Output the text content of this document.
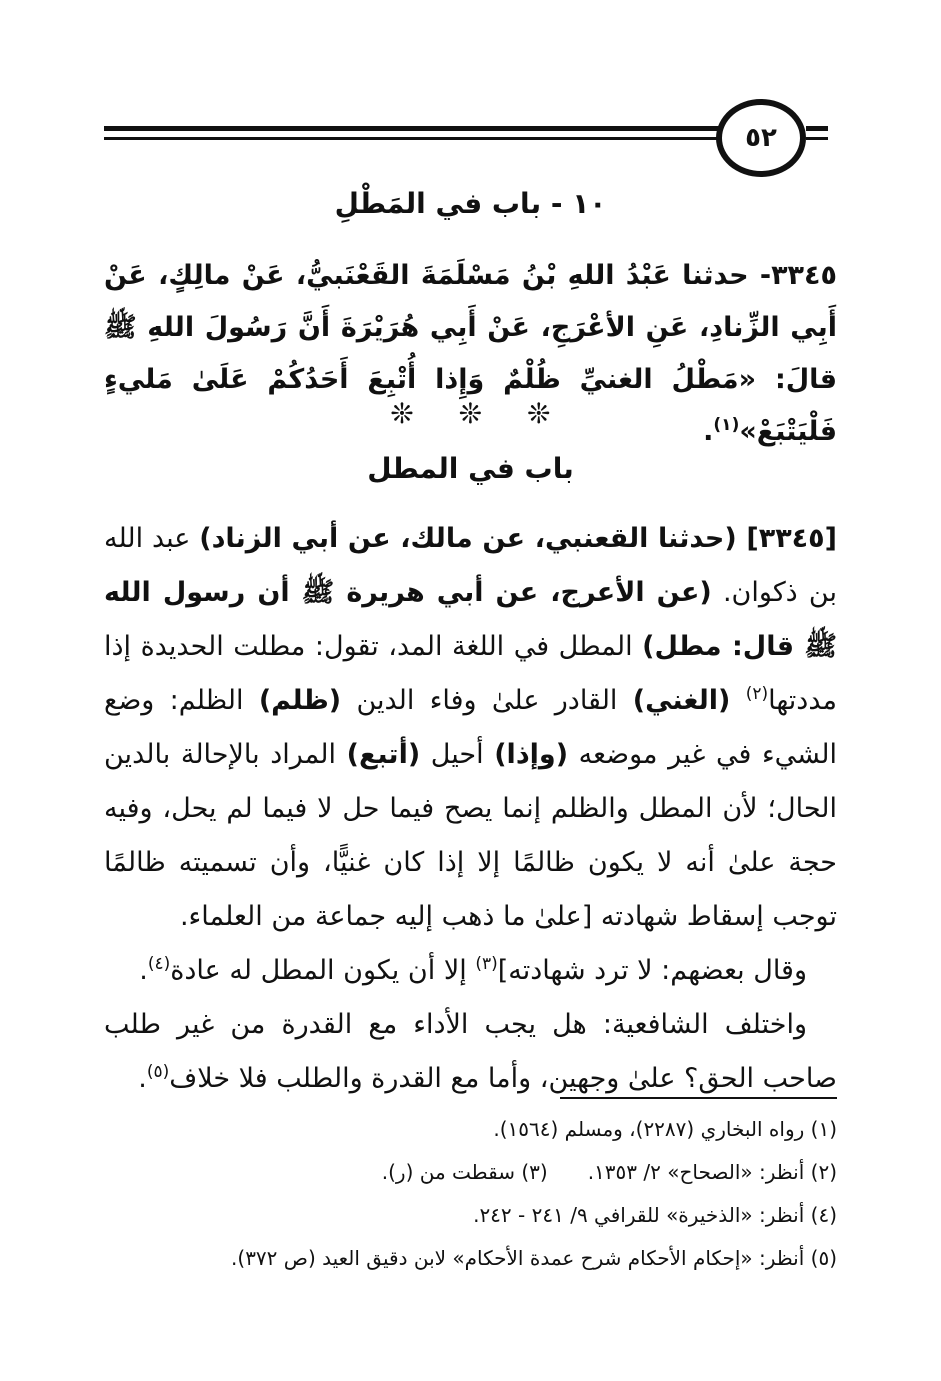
٥٢
١٠ - باب في المَطْلِ
٣٣٤٥- حدثنا عَبْدُ اللهِ بْنُ مَسْلَمَةَ القَعْنَبيُّ، عَنْ مالِكٍ، عَنْ أَبِي الزِّنادِ، عَنِ الأعْرَجِ، عَنْ أَبِي هُرَيْرَةَ أَنَّ رَسُولَ اللهِ ﷺ قالَ: «مَطْلُ الغنيِّ ظُلْمٌ وَإِذا أُتْبِعَ أَحَدُكُمْ عَلَىٰ مَليءٍ فَلْيَتْبَعْ»$^{(١)}$.
❊ ❊ ❊
باب في المطل

[٣٣٤٥] (حدثنا القعنبي، عن مالك، عن أبي الزناد) عبد الله بن ذكوان. (عن الأعرج، عن أبي هريرة ﷺ أن رسول الله ﷺ قال: مطل) المطل في اللغة المد، تقول: مطلت الحديدة إذا مددتها$^{(٢)}$ (الغني) القادر علىٰ وفاء الدين (ظلم) الظلم: وضع الشيء في غير موضعه (وإذا) أحيل (أتبع) المراد بالإحالة بالدين الحال؛ لأن المطل والظلم إنما يصح فيما حل لا فيما لم يحل، وفيه حجة علىٰ أنه لا يكون ظالمًا إلا إذا كان غنيًّا، وأن تسميته ظالمًا توجب إسقاط شهادته [علىٰ ما ذهب إليه جماعة من العلماء.

وقال بعضهم: لا ترد شهادته]$^{(٣)}$ إلا أن يكون المطل له عادة$^{(٤)}$.

واختلف الشافعية: هل يجب الأداء مع القدرة من غير طلب صاحب الحق؟ علىٰ وجهين، وأما مع القدرة والطلب فلا خلاف$^{(٥)}$.

(١) رواه البخاري (٢٢٨٧)، ومسلم (١٥٦٤).
(٢) أنظر: «الصحاح» ٢/ ١٣٥٣.(٣) سقطت من (ر).
(٤) أنظر: «الذخيرة» للقرافي ٩/ ٢٤١ - ٢٤٢.
(٥) أنظر: «إحكام الأحكام شرح عمدة الأحكام» لابن دقيق العيد (ص ٣٧٢).
